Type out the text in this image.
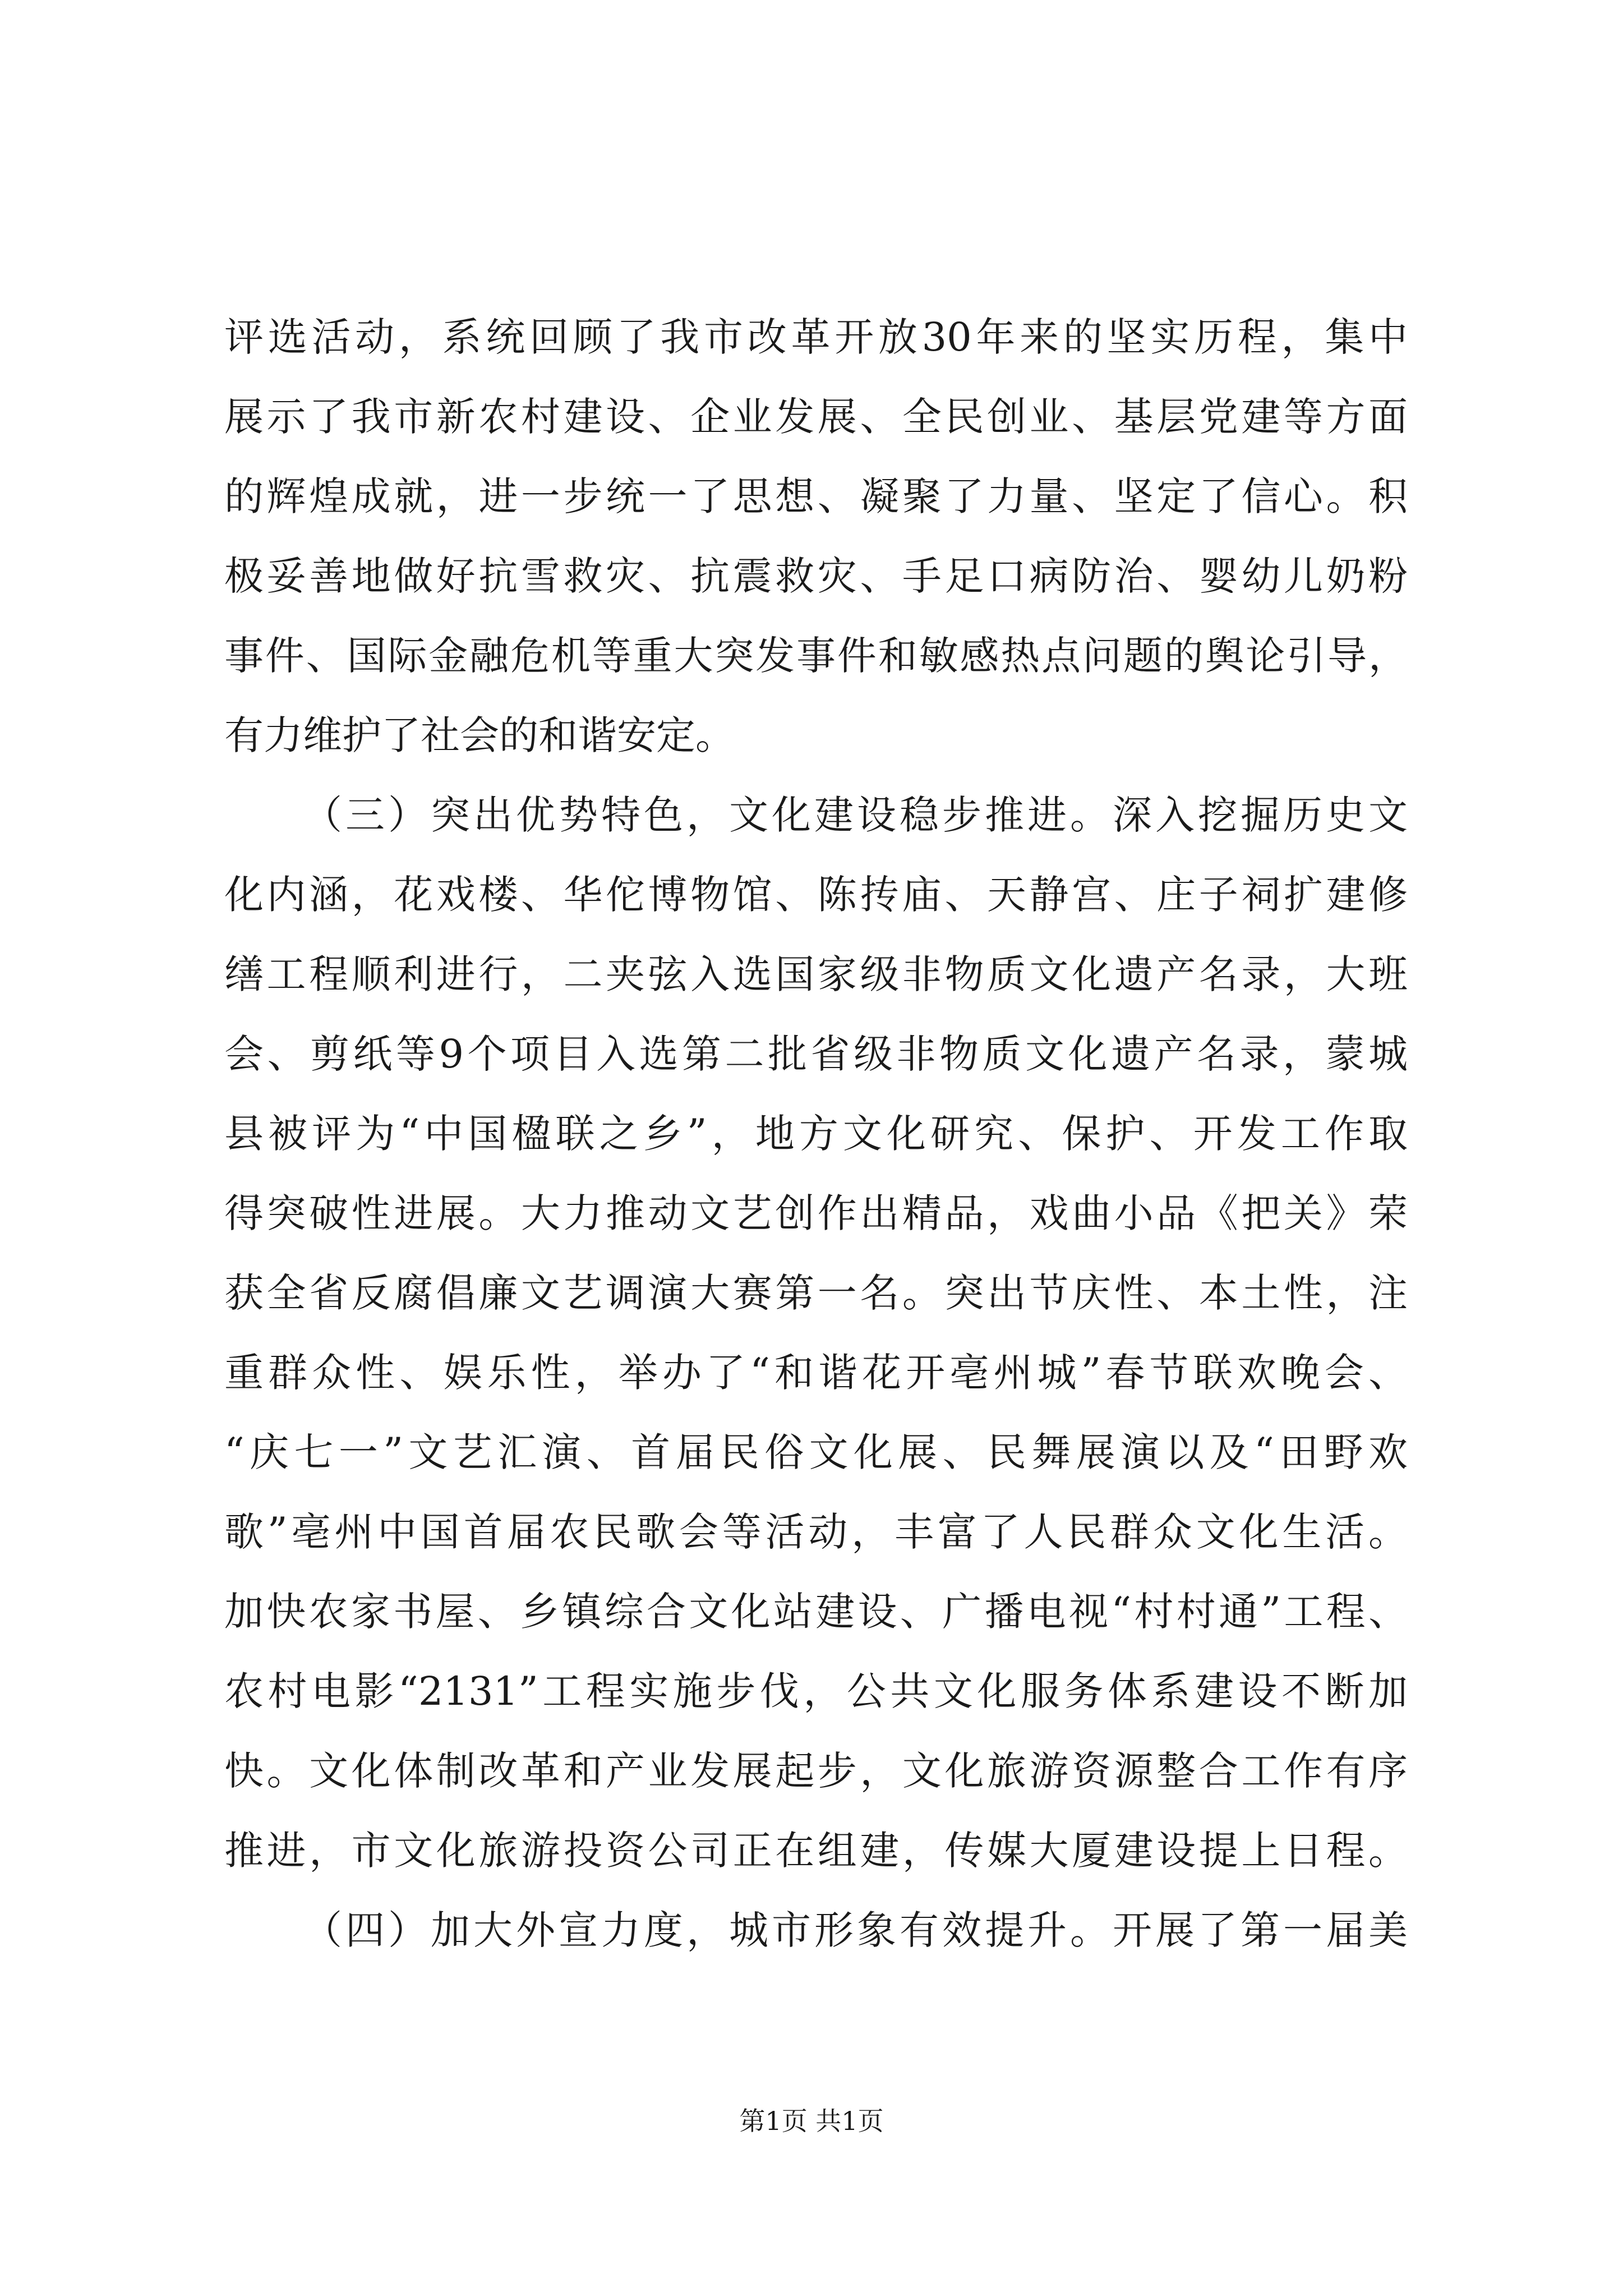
评选活动，系统回顾了我市改革开放30年来的坚实历程，集中
展示了我市新农村建设、企业发展、全民创业、基层党建等方面
的辉煌成就，进一步统一了思想、凝聚了力量、坚定了信心。积
极妥善地做好抗雪救灾、抗震救灾、手足口病防治、婴幼儿奶粉
事件、国际金融危机等重大突发事件和敏感热点问题的舆论引导，
有力维护了社会的和谐安定。
（三）突出优势特色，文化建设稳步推进。深入挖掘历史文
化内涵，花戏楼、华佗博物馆、陈抟庙、天静宫、庄子祠扩建修
缮工程顺利进行，二夹弦入选国家级非物质文化遗产名录，大班
会、剪纸等9个项目入选第二批省级非物质文化遗产名录，蒙城
县被评为“中国楹联之乡”，地方文化研究、保护、开发工作取
得突破性进展。大力推动文艺创作出精品，戏曲小品《把关》荣
获全省反腐倡廉文艺调演大赛第一名。突出节庆性、本土性，注
重群众性、娱乐性，举办了“和谐花开亳州城”春节联欢晚会、
“庆七一”文艺汇演、首届民俗文化展、民舞展演以及“田野欢
歌”亳州中国首届农民歌会等活动，丰富了人民群众文化生活。
加快农家书屋、乡镇综合文化站建设、广播电视“村村通”工程、
农村电影“2131”工程实施步伐，公共文化服务体系建设不断加
快。文化体制改革和产业发展起步，文化旅游资源整合工作有序
推进，市文化旅游投资公司正在组建，传媒大厦建设提上日程。
（四）加大外宣力度，城市形象有效提升。开展了第一届美
第1页 共1页
